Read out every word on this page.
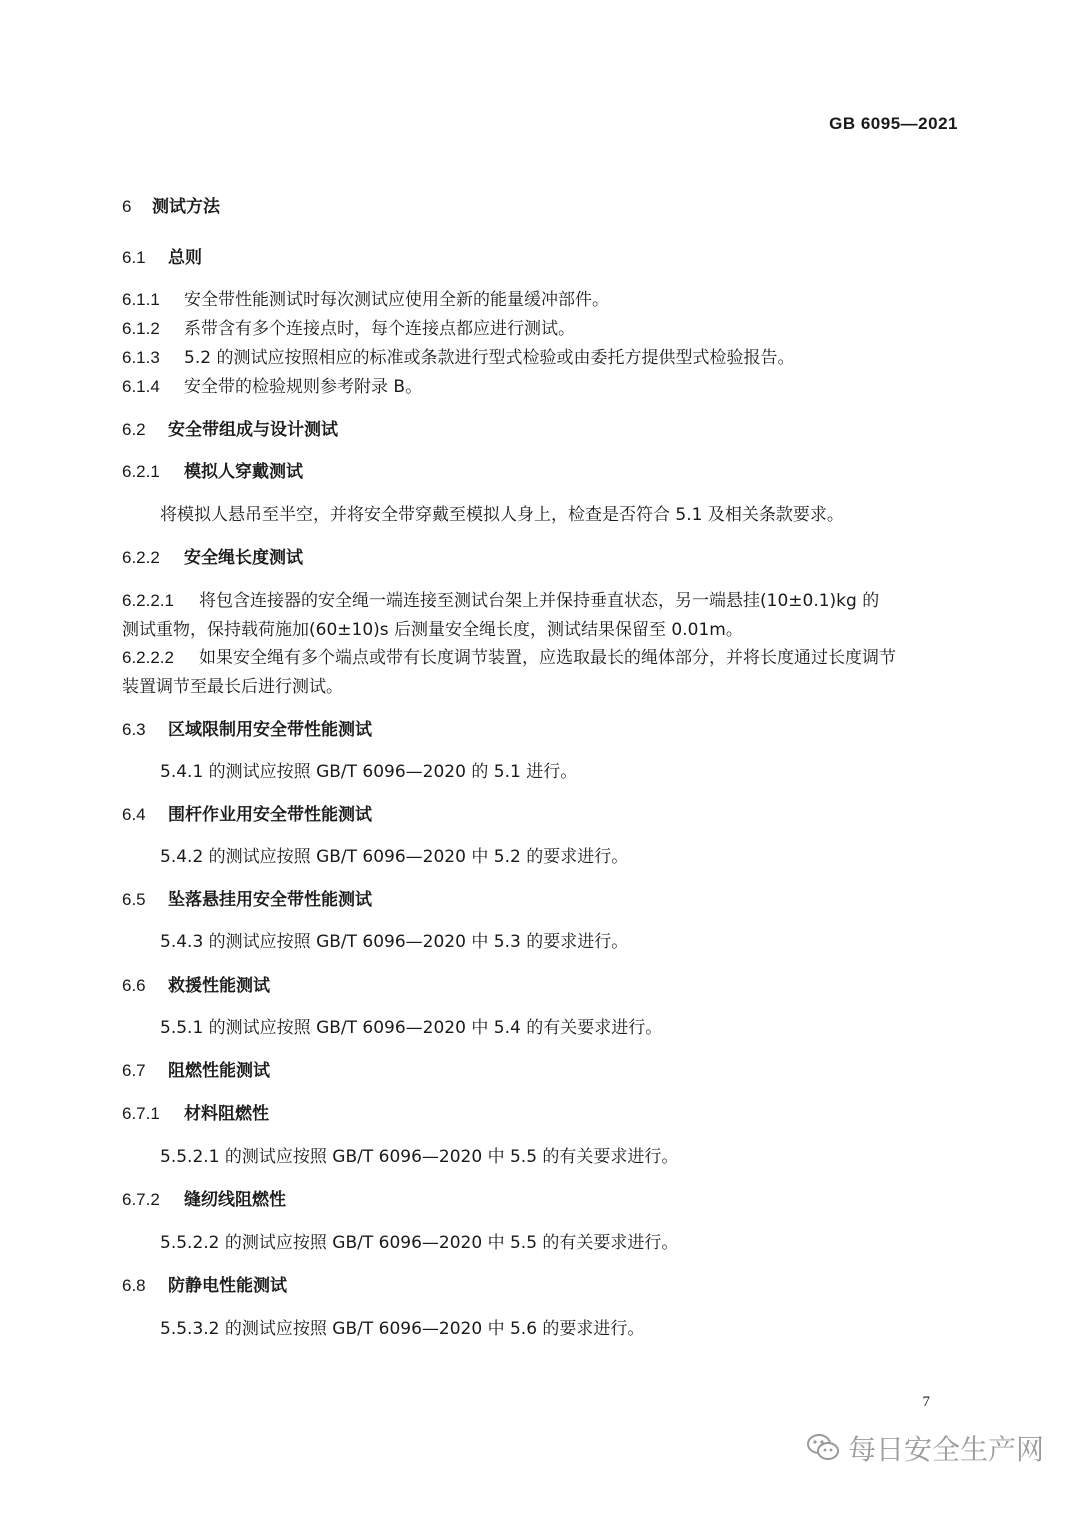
GB 6095—2021
6 测试方法
6.1 总则
6.1.1 安全带性能测试时每次测试应使用全新的能量缓冲部件。
6.1.2 系带含有多个连接点时，每个连接点都应进行测试。
6.1.3 5.2 的测试应按照相应的标准或条款进行型式检验或由委托方提供型式检验报告。
6.1.4 安全带的检验规则参考附录 B。
6.2 安全带组成与设计测试
6.2.1 模拟人穿戴测试
将模拟人悬吊至半空，并将安全带穿戴至模拟人身上，检查是否符合 5.1 及相关条款要求。
6.2.2 安全绳长度测试
6.2.2.1 将包含连接器的安全绳一端连接至测试台架上并保持垂直状态，另一端悬挂(10±0.1)kg 的
测试重物，保持载荷施加(60±10)s 后测量安全绳长度，测试结果保留至 0.01m。
6.2.2.2 如果安全绳有多个端点或带有长度调节装置，应选取最长的绳体部分，并将长度通过长度调节
装置调节至最长后进行测试。
6.3 区域限制用安全带性能测试
5.4.1 的测试应按照 GB/T 6096—2020 的 5.1 进行。
6.4 围杆作业用安全带性能测试
5.4.2 的测试应按照 GB/T 6096—2020 中 5.2 的要求进行。
6.5 坠落悬挂用安全带性能测试
5.4.3 的测试应按照 GB/T 6096—2020 中 5.3 的要求进行。
6.6 救援性能测试
5.5.1 的测试应按照 GB/T 6096—2020 中 5.4 的有关要求进行。
6.7 阻燃性能测试
6.7.1 材料阻燃性
5.5.2.1 的测试应按照 GB/T 6096—2020 中 5.5 的有关要求进行。
6.7.2 缝纫线阻燃性
5.5.2.2 的测试应按照 GB/T 6096—2020 中 5.5 的有关要求进行。
6.8 防静电性能测试
5.5.3.2 的测试应按照 GB/T 6096—2020 中 5.6 的要求进行。
7
每日安全生产网
